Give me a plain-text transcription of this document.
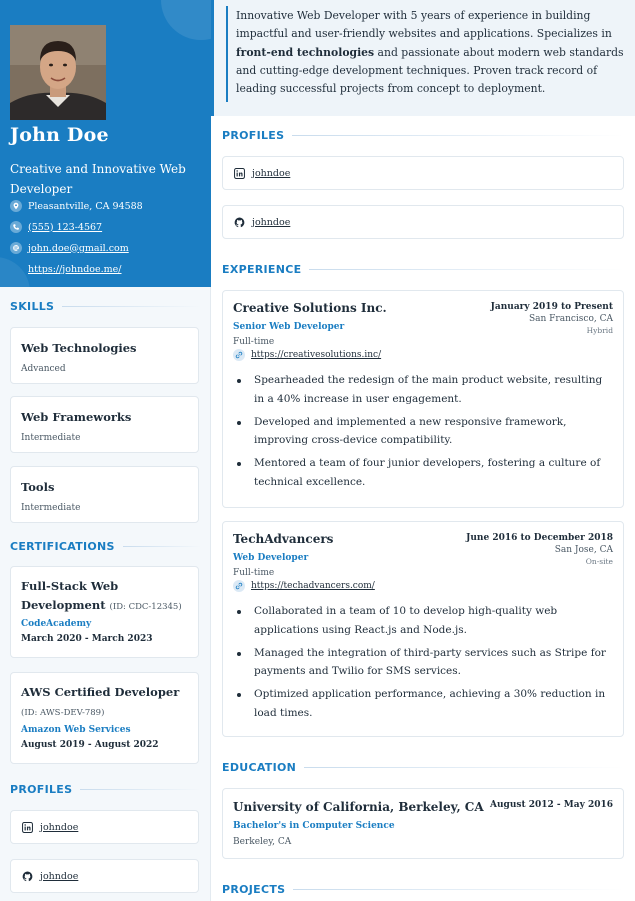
John Doe
Creative and Innovative Web Developer
Pleasantville, CA 94588
(555) 123-4567
john.doe@gmail.com
https://johndoe.me/
SKILLS
Web Technologies
Advanced
Web Frameworks
Intermediate
Tools
Intermediate
CERTIFICATIONS
Full-Stack Web Development (ID: CDC-12345)
CodeAcademy
March 2020 - March 2023
AWS Certified Developer (ID: AWS-DEV-789)
Amazon Web Services
August 2019 - August 2022
PROFILES
johndoe
johndoe

Innovative Web Developer with 5 years of experience in building impactful and user-friendly websites and applications. Specializes in front-end technologies and passionate about modern web standards and cutting-edge development techniques. Proven track record of leading successful projects from concept to deployment.

PROFILES
johndoe
johndoe
EXPERIENCE
Creative Solutions Inc.
Senior Web Developer
Full-time
https://creativesolutions.inc/
January 2019 to Present
San Francisco, CA
Hybrid
Spearheaded the redesign of the main product website, resulting in a 40% increase in user engagement.
Developed and implemented a new responsive framework, improving cross-device compatibility.
Mentored a team of four junior developers, fostering a culture of technical excellence.
TechAdvancers
Web Developer
Full-time
https://techadvancers.com/
June 2016 to December 2018
San Jose, CA
On-site
Collaborated in a team of 10 to develop high-quality web applications using React.js and Node.js.
Managed the integration of third-party services such as Stripe for payments and Twilio for SMS services.
Optimized application performance, achieving a 30% reduction in load times.
EDUCATION
University of California, Berkeley, CA
Bachelor's in Computer Science
Berkeley, CA
August 2012 - May 2016
PROJECTS
